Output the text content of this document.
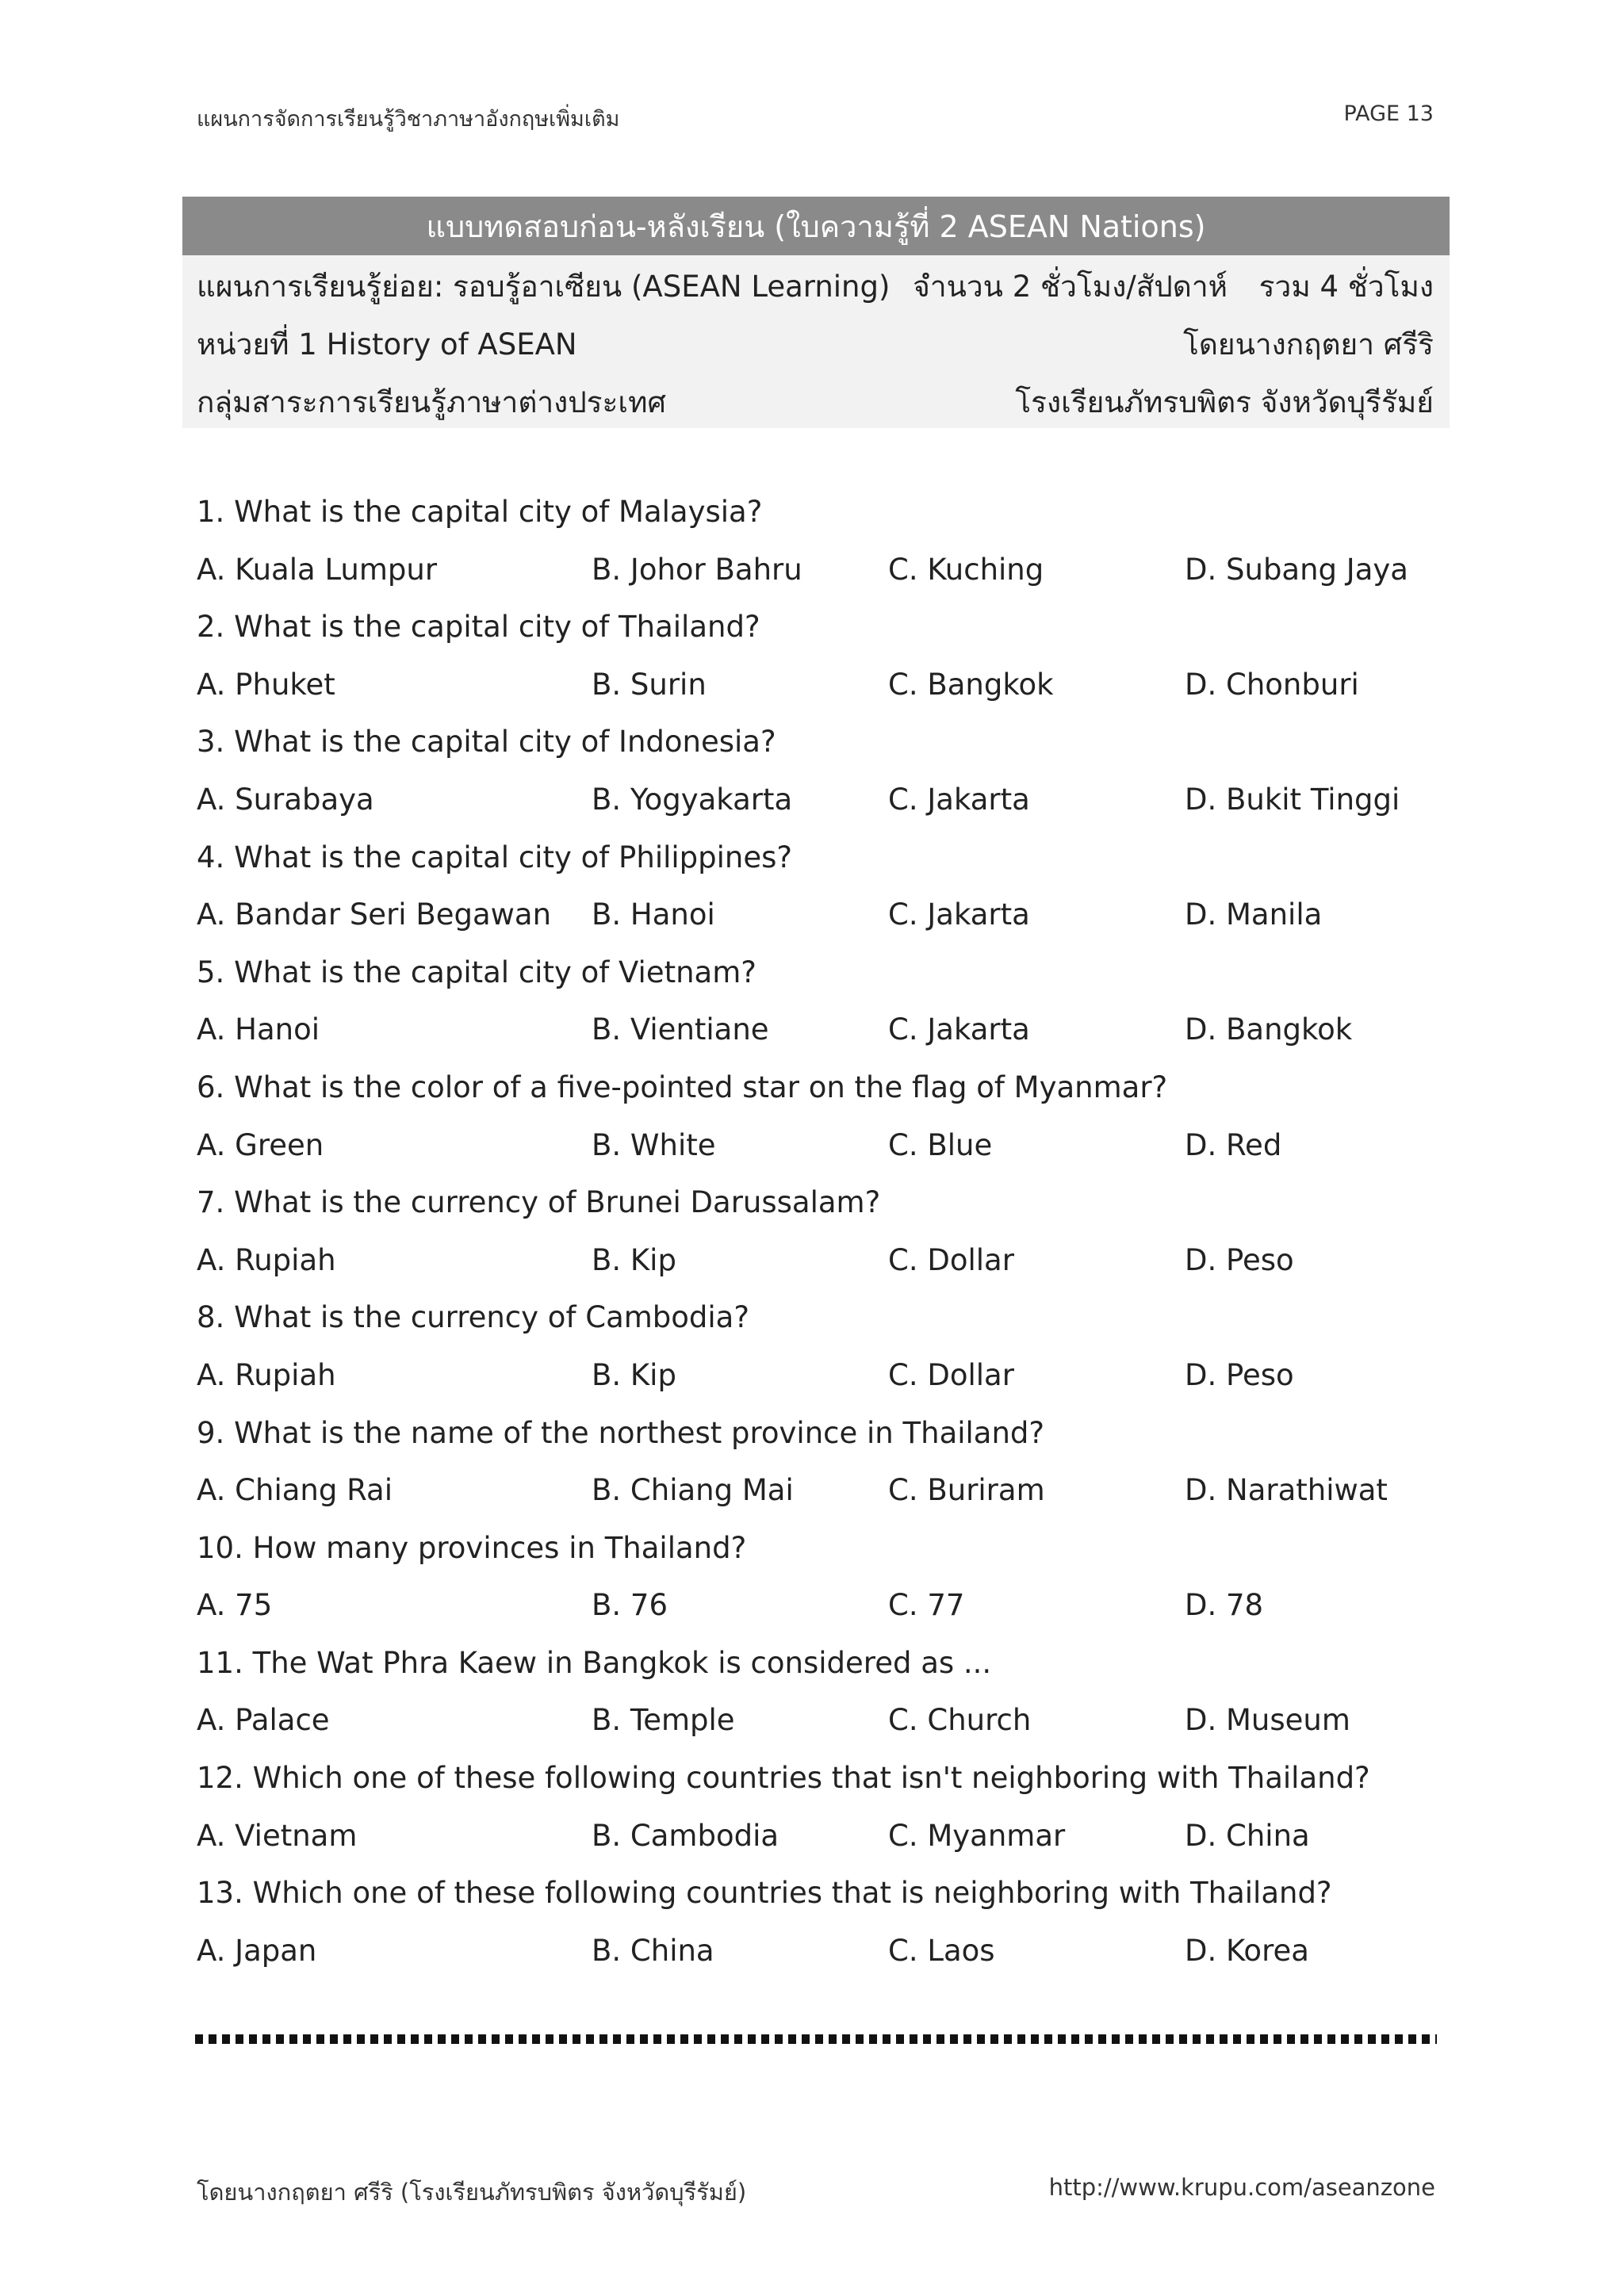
แผนการจัดการเรียนรู้วิชาภาษาอังกฤษเพิ่มเติม	PAGE 13
แบบทดสอบก่อน-หลังเรียน (ใบความรู้ที่ 2 ASEAN Nations)
แผนการเรียนรู้ย่อย: รอบรู้อาเซียน (ASEAN Learning) จำนวน 2 ชั่วโมง/สัปดาห์ รวม 4 ชั่วโมง
หน่วยที่ 1 History of ASEAN	โดยนางกฤตยา ศรีริ
กลุ่มสาระการเรียนรู้ภาษาต่างประเทศ	โรงเรียนภัทรบพิตร จังหวัดบุรีรัมย์
1. What is the capital city of Malaysia?
A. Kuala Lumpur	B. Johor Bahru	C. Kuching	D. Subang Jaya
2. What is the capital city of Thailand?
A. Phuket	B. Surin	C. Bangkok	D. Chonburi
3. What is the capital city of Indonesia?
A. Surabaya	B. Yogyakarta	C. Jakarta	D. Bukit Tinggi
4. What is the capital city of Philippines?
A. Bandar Seri Begawan B. Hanoi	C. Jakarta	D. Manila
5. What is the capital city of Vietnam?
A. Hanoi	B. Vientiane	C. Jakarta	D. Bangkok
6. What is the color of a five-pointed star on the flag of Myanmar?
A. Green	B. White	C. Blue	D. Red
7. What is the currency of Brunei Darussalam?
A. Rupiah	B. Kip	C. Dollar	D. Peso
8. What is the currency of Cambodia?
A. Rupiah	B. Kip	C. Dollar	D. Peso
9. What is the name of the northest province in Thailand?
A. Chiang Rai	B. Chiang Mai	C. Buriram	D. Narathiwat
10. How many provinces in Thailand?
A. 75	B. 76	C. 77	D. 78
11. The Wat Phra Kaew in Bangkok is considered as ...
A. Palace	B. Temple	C. Church	D. Museum
12. Which one of these following countries that isn't neighboring with Thailand?
A. Vietnam	B. Cambodia	C. Myanmar	D. China
13. Which one of these following countries that is neighboring with Thailand?
A. Japan	B. China	C. Laos	D. Korea
โดยนางกฤตยา ศรีริ (โรงเรียนภัทรบพิตร จังหวัดบุรีรัมย์)	http://www.krupu.com/aseanzone
